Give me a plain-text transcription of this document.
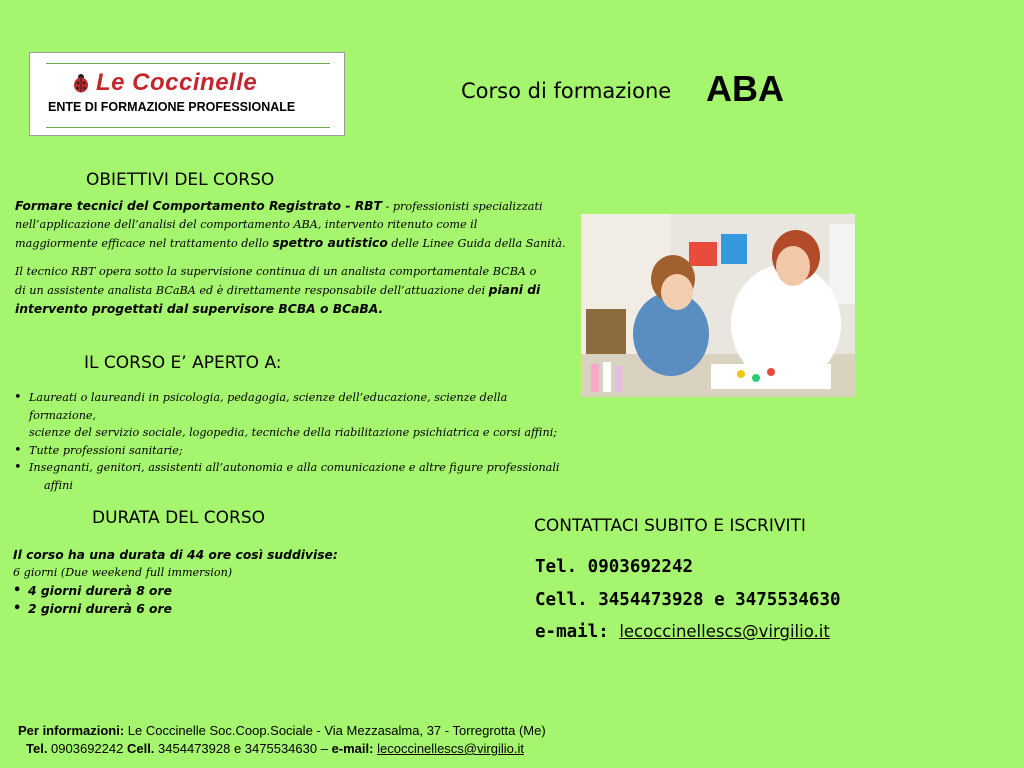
Le Coccinelle
ENTE DI FORMAZIONE PROFESSIONALE
Corso di formazione ABA
OBIETTIVI DEL CORSO
Formare tecnici del Comportamento Registrato - RBT - professionisti specializzati
nell’applicazione dell’analisi del comportamento ABA, intervento ritenuto come il
maggiormente efficace nel trattamento dello spettro autistico delle Linee Guida della Sanità.
Il tecnico RBT opera sotto la supervisione continua di un analista comportamentale BCBA o
di un assistente analista BCaBA ed è direttamente responsabile dell’attuazione dei piani di
intervento progettati dal supervisore BCBA o BCaBA.
IL CORSO E’ APERTO A:
• Laureati o laureandi in psicologia, pedagogia, scienze dell’educazione, scienze della formazione,
scienze del servizio sociale, logopedia, tecniche della riabilitazione psichiatrica e corsi affini;
• Tutte professioni sanitarie;
• Insegnanti, genitori, assistenti all’autonomia e alla comunicazione e altre figure professionali
affini
DURATA DEL CORSO
Il corso ha una durata di 44 ore così suddivise:
6 giorni (Due weekend full immersion)
• 4 giorni durerà 8 ore
• 2 giorni durerà 6 ore
CONTATTACI SUBITO E ISCRIVITI
Tel. 0903692242
Cell. 3454473928 e 3475534630
e-mail: lecoccinellescs@virgilio.it
Per informazioni: Le Coccinelle Soc.Coop.Sociale - Via Mezzasalma, 37 - Torregrotta (Me)
Tel. 0903692242 Cell. 3454473928 e 3475534630 – e-mail: lecoccinellescs@virgilio.it
